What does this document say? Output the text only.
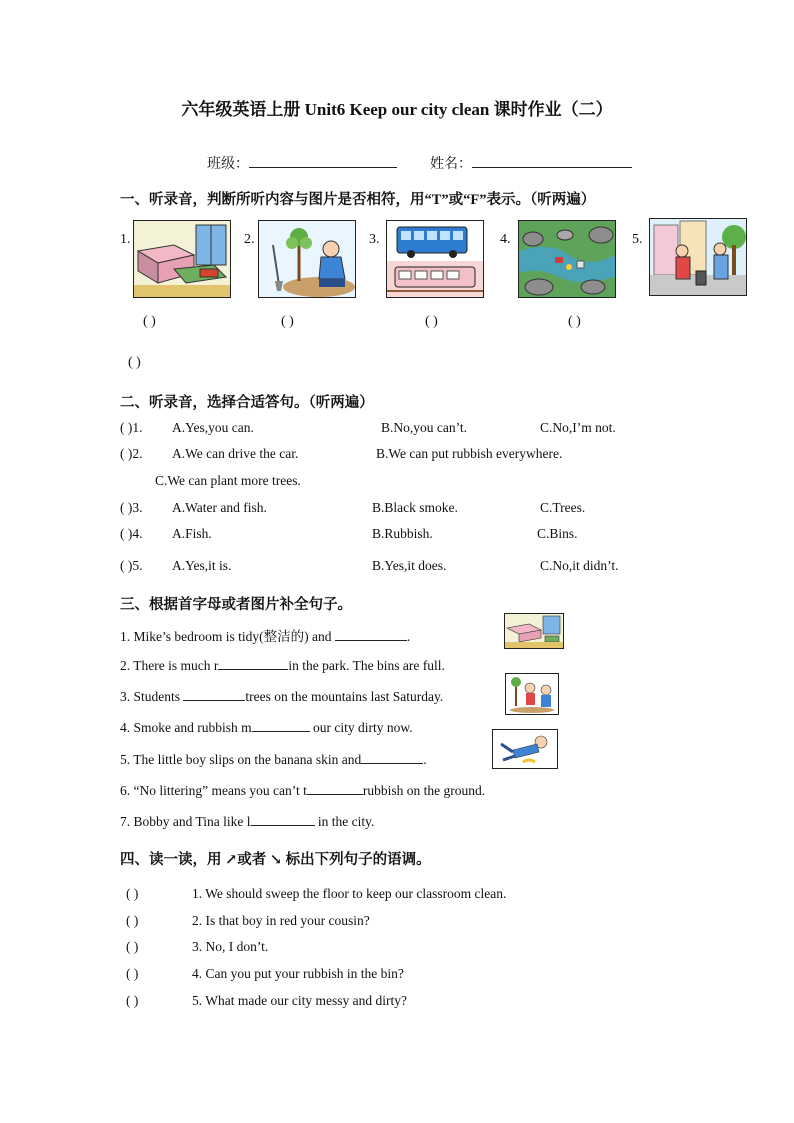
六年级英语上册 Unit6 Keep our city clean 课时作业（二）
班级：	姓名：
一、听录音，判断所听内容与图片是否相符，用“T”或“F”表示。（听两遍）
1.	2.	3.	4.	5.
( )	( )	( )	( )
( )
二、听录音，选择合适答句。（听两遍）
( )1. A.Yes,you can.	B.No,you can’t.	C.No,I’m not.
( )2. A.We can drive the car.	B.We can put rubbish everywhere.
C.We can plant more trees.
( )3. A.Water and fish.	B.Black smoke.	C.Trees.
( )4. A.Fish.	B.Rubbish.	C.Bins.
( )5. A.Yes,it is.	B.Yes,it does.	C.No,it didn’t.
三、根据首字母或者图片补全句子。
1. Mike’s bedroom is tidy(整洁的) and	.
2. There is much r	in the park. The bins are full.
3. Students	trees on the mountains last Saturday.
4. Smoke and rubbish m	our city dirty now.
5. The little boy slips on the banana skin and	.
6. “No littering” means you can’t t	rubbish on the ground.
7. Bobby and Tina like l	in the city.
四、读一读，用 ↗或者 ↘ 标出下列句子的语调。
( )	1. We should sweep the floor to keep our classroom clean.
( )	2. Is that boy in red your cousin?
( )	3. No, I don’t.
( )	4. Can you put your rubbish in the bin?
( )	5. What made our city messy and dirty?
